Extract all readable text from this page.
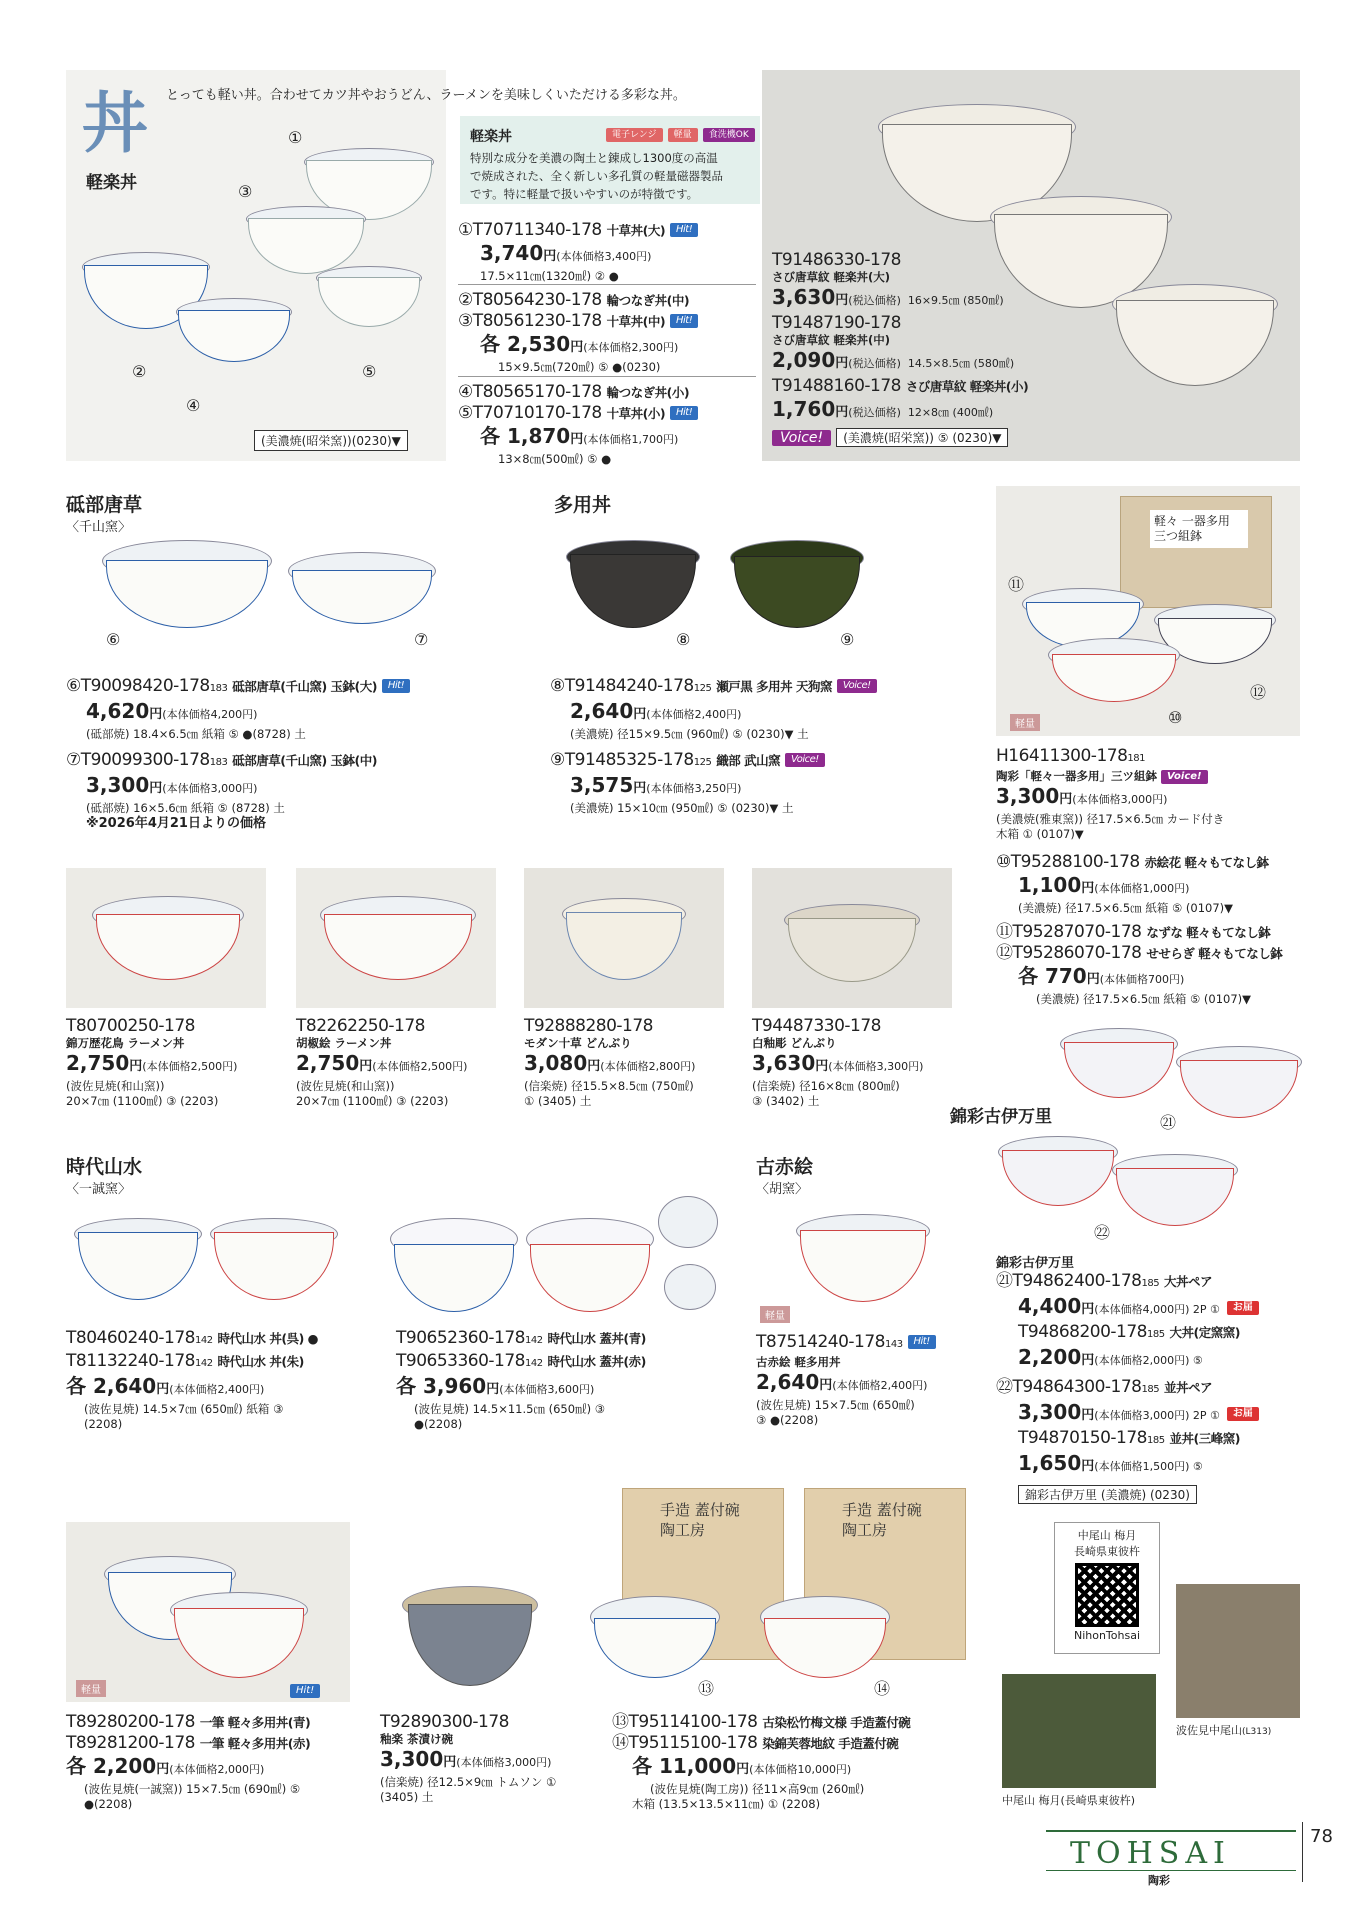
丼 とっても軽い丼。合わせてカツ丼やおうどん、ラーメンを美味しくいただける多彩な丼。
軽楽丼
①
③
②	⑤
④
(美濃焼(昭栄窯))(0230)▼
軽楽丼	電子レンジ 軽量 食洗機OK
特別な成分を美濃の陶土と錬成し1300度の高温
で焼成された、全く新しい多孔質の軽量磁器製品
です。特に軽量で扱いやすいのが特徴です。
①T70711340-178 十草丼(大) Hit!
3,740円(本体価格3,400円)
17.5×11㎝(1320㎖) ② ●
②T80564230-178 輪つなぎ丼(中)
③T80561230-178 十草丼(中) Hit!
各 2,530円(本体価格2,300円)
15×9.5㎝(720㎖) ⑤ ●(0230)
④T80565170-178 輪つなぎ丼(小)
⑤T70710170-178 十草丼(小) Hit!
各 1,870円(本体価格1,700円)
13×8㎝(500㎖) ⑤ ●
T91486330-178
さび唐草紋 軽楽丼(大)
3,630円(税込価格) 16×9.5㎝ (850㎖)
T91487190-178
さび唐草紋 軽楽丼(中)
2,090円(税込価格) 14.5×8.5㎝ (580㎖)
T91488160-178 さび唐草紋 軽楽丼(小)
1,760円(税込価格) 12×8㎝ (400㎖)
Voice! (美濃焼(昭栄窯)) ⑤ (0230)▼
砥部唐草
〈千山窯〉
⑥	⑦
⑥T90098420-178183 砥部唐草(千山窯) 玉鉢(大) Hit!
4,620円(本体価格4,200円)
(砥部焼) 18.4×6.5㎝ 紙箱 ⑤ ●(8728) 土
⑦T90099300-178183 砥部唐草(千山窯) 玉鉢(中)
3,300円(本体価格3,000円)
(砥部焼) 16×5.6㎝ 紙箱 ⑤ (8728) 土
※2026年4月21日よりの価格
多用丼
⑧	⑨
⑧T91484240-178125 瀬戸黒 多用丼 天狗窯 Voice!
2,640円(本体価格2,400円)
(美濃焼) 径15×9.5㎝ (960㎖) ⑤ (0230)▼ 土
⑨T91485325-178125 織部 武山窯 Voice!
3,575円(本体価格3,250円)
(美濃焼) 15×10㎝ (950㎖) ⑤ (0230)▼ 土
軽々 一器多用 三つ組鉢
⑪
⑩
⑫
軽量
H16411300-178181
陶彩「軽々一器多用」三ツ組鉢 Voice!
3,300円(本体価格3,000円)
(美濃焼(雅東窯)) 径17.5×6.5㎝ カード付き
木箱 ① (0107)▼
⑩T95288100-178 赤絵花 軽々もてなし鉢
1,100円(本体価格1,000円)
(美濃焼) 径17.5×6.5㎝ 紙箱 ⑤ (0107)▼
⑪T95287070-178 なずな 軽々もてなし鉢
⑫T95286070-178 せせらぎ 軽々もてなし鉢
各 770円(本体価格700円)
(美濃焼) 径17.5×6.5㎝ 紙箱 ⑤ (0107)▼
T80700250-178
錦万歴花鳥 ラーメン丼
2,750円(本体価格2,500円)
(波佐見焼(和山窯))
20×7㎝ (1100㎖) ③ (2203)
T82262250-178
胡椒絵 ラーメン丼
2,750円(本体価格2,500円)
(波佐見焼(和山窯))
20×7㎝ (1100㎖) ③ (2203)
T92888280-178
モダン十草 どんぶり
3,080円(本体価格2,800円)
(信楽焼) 径15.5×8.5㎝ (750㎖)
① (3405) 土
T94487330-178
白釉彫 どんぶり
3,630円(本体価格3,300円)
(信楽焼) 径16×8㎝ (800㎖)
③ (3402) 土
錦彩古伊万里	㉑
㉒
錦彩古伊万里
㉑T94862400-178185 大丼ペア
4,400円(本体価格4,000円) 2P ① お届
T94868200-178185 大丼(定窯窯)
2,200円(本体価格2,000円) ⑤
㉒T94864300-178185 並丼ペア
3,300円(本体価格3,000円) 2P ① お届
T94870150-178185 並丼(三峰窯)
1,650円(本体価格1,500円) ⑤
錦彩古伊万里 (美濃焼) (0230)
時代山水
〈一誠窯〉
T80460240-178142 時代山水 丼(呉) ●
T81132240-178142 時代山水 丼(朱)
各 2,640円(本体価格2,400円)
(波佐見焼) 14.5×7㎝ (650㎖) 紙箱 ③
(2208)
T90652360-178142 時代山水 蓋丼(青)
T90653360-178142 時代山水 蓋丼(赤)
各 3,960円(本体価格3,600円)
(波佐見焼) 14.5×11.5㎝ (650㎖) ③
●(2208)
古赤絵
〈胡窯〉
軽量
T87514240-178143 Hit!
古赤絵 軽多用丼
2,640円(本体価格2,400円)
(波佐見焼) 15×7.5㎝ (650㎖)
③ ●(2208)
軽量	Hit!
T89280200-178 一筆 軽々多用丼(青)
T89281200-178 一筆 軽々多用丼(赤)
各 2,200円(本体価格2,000円)
(波佐見焼(一誠窯)) 15×7.5㎝ (690㎖) ⑤
●(2208)
T92890300-178
釉楽 茶漬け碗
3,300円(本体価格3,000円)
(信楽焼) 径12.5×9㎝ トムソン ①
(3405) 土
手造 蓋付碗 陶工房
手造 蓋付碗 陶工房
⑬	⑭
⑬T95114100-178 古染松竹梅文様 手造蓋付碗
⑭T95115100-178 染錦芙蓉地紋 手造蓋付碗
各 11,000円(本体価格10,000円)
(波佐見焼(陶工房)) 径11×高9㎝ (260㎖)
木箱 (13.5×13.5×11㎝) ① (2208)
中尾山 梅月
長崎県東彼杵
NihonTohsai
波佐見中尾山(L313)
中尾山 梅月(長崎県東彼杵)
TOHSAI
陶彩
78
